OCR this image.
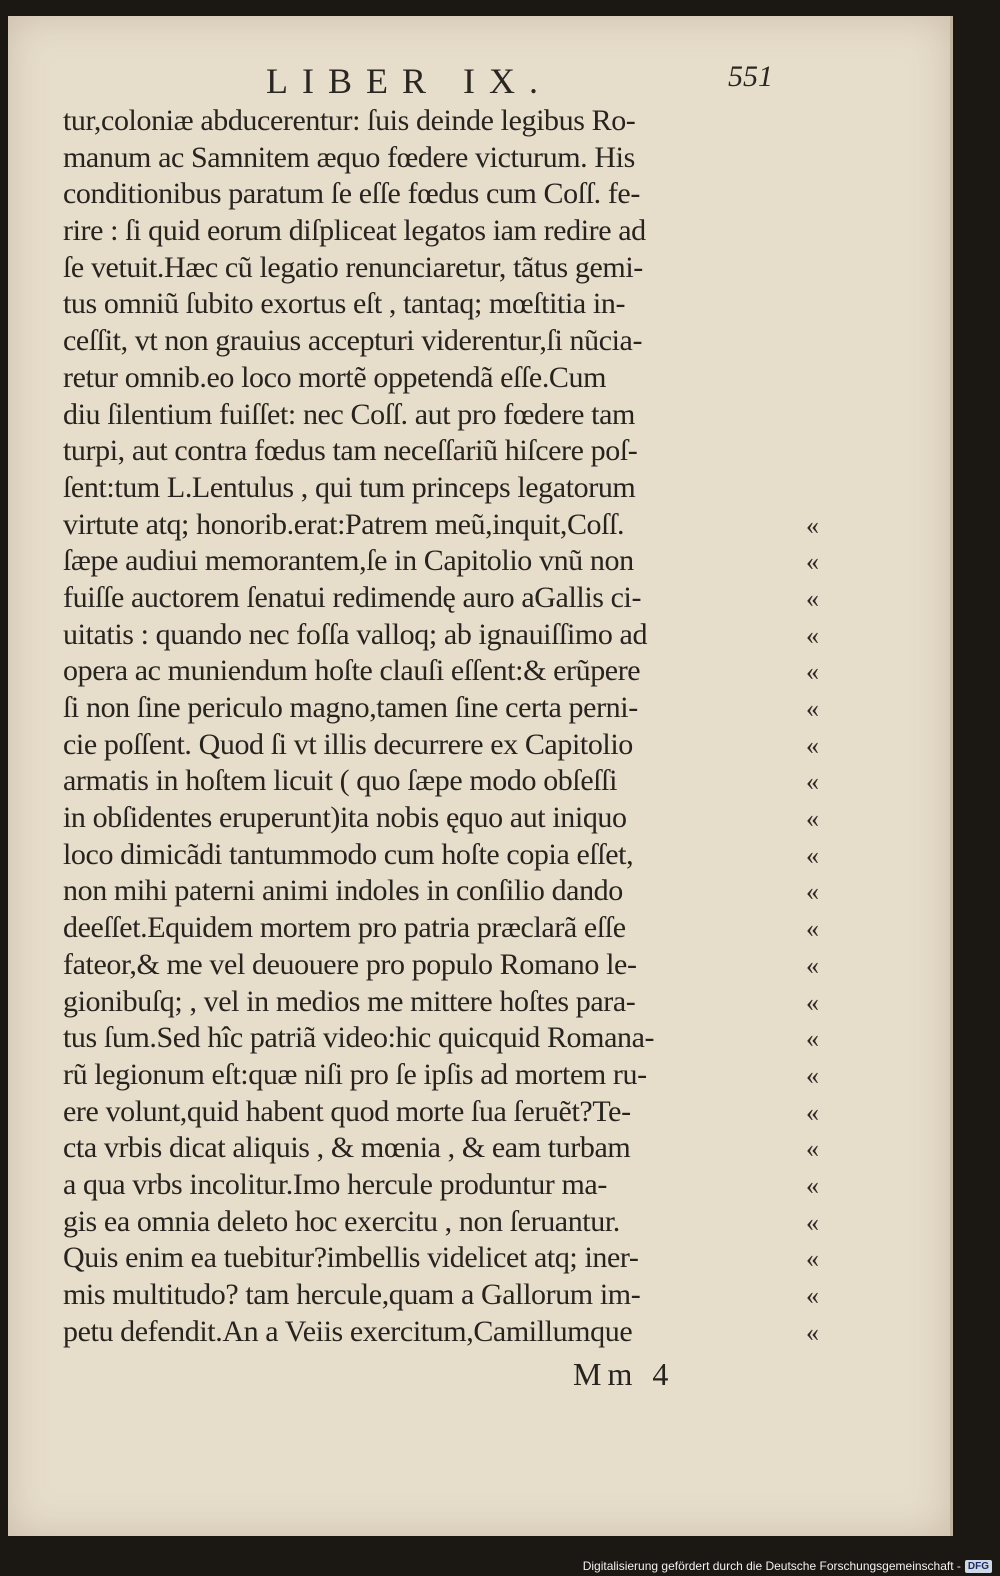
LIBER IX.	551
tur,coloniæ abducerentur: ſuis deinde legibus Ro-
manum ac Samnitem æquo fœdere victurum. His
conditionibus paratum ſe eſſe fœdus cum Coſſ. fe-
rire : ſi quid eorum diſpliceat legatos iam redire ad
ſe vetuit.Hæc cũ legatio renunciaretur, tãtus gemi-
tus omniũ ſubito exortus eſt , tantaq; mœſtitia in-
ceſſit, vt non grauius accepturi viderentur,ſi nũcia-
retur omnib.eo loco mortẽ oppetendã eſſe.Cum
diu ſilentium fuiſſet: nec Coſſ. aut pro fœdere tam
turpi, aut contra fœdus tam neceſſariũ hiſcere poſ-
ſent:tum L.Lentulus , qui tum princeps legatorum
virtute atq; honorib.erat:Patrem meũ,inquit,Coſſ.	«
ſæpe audiui memorantem,ſe in Capitolio vnũ non	«
fuiſſe auctorem ſenatui redimendę auro aGallis ci-	«
uitatis : quando nec foſſa valloq; ab ignauiſſimo ad	«
opera ac muniendum hoſte clauſi eſſent:& erũpere	«
ſi non ſine periculo magno,tamen ſine certa perni-	«
cie poſſent. Quod ſi vt illis decurrere ex Capitolio	«
armatis in hoſtem licuit ( quo ſæpe modo obſeſſi	«
in obſidentes eruperunt)ita nobis ęquo aut iniquo	«
loco dimicãdi tantummodo cum hoſte copia eſſet,	«
non mihi paterni animi indoles in conſilio dando	«
deeſſet.Equidem mortem pro patria præclarã eſſe	«
fateor,& me vel deuouere pro populo Romano le-	«
gionibuſq; , vel in medios me mittere hoſtes para-	«
tus ſum.Sed hîc patriã video:hic quicquid Romana-	«
rũ legionum eſt:quæ niſi pro ſe ipſis ad mortem ru-	«
ere volunt,quid habent quod morte ſua ſeruẽt?Te-	«
cta vrbis dicat aliquis , & mœnia , & eam turbam	«
a qua vrbs incolitur.Imo hercule produntur ma-	«
gis ea omnia deleto hoc exercitu , non ſeruantur.	«
Quis enim ea tuebitur?imbellis videlicet atq; iner-	«
mis multitudo? tam hercule,quam a Gallorum im-	«
petu defendit.An a Veiis exercitum,Camillumque	«
Mm 4
Digitalisierung gefördert durch die Deutsche Forschungsgemeinschaft - DFG
